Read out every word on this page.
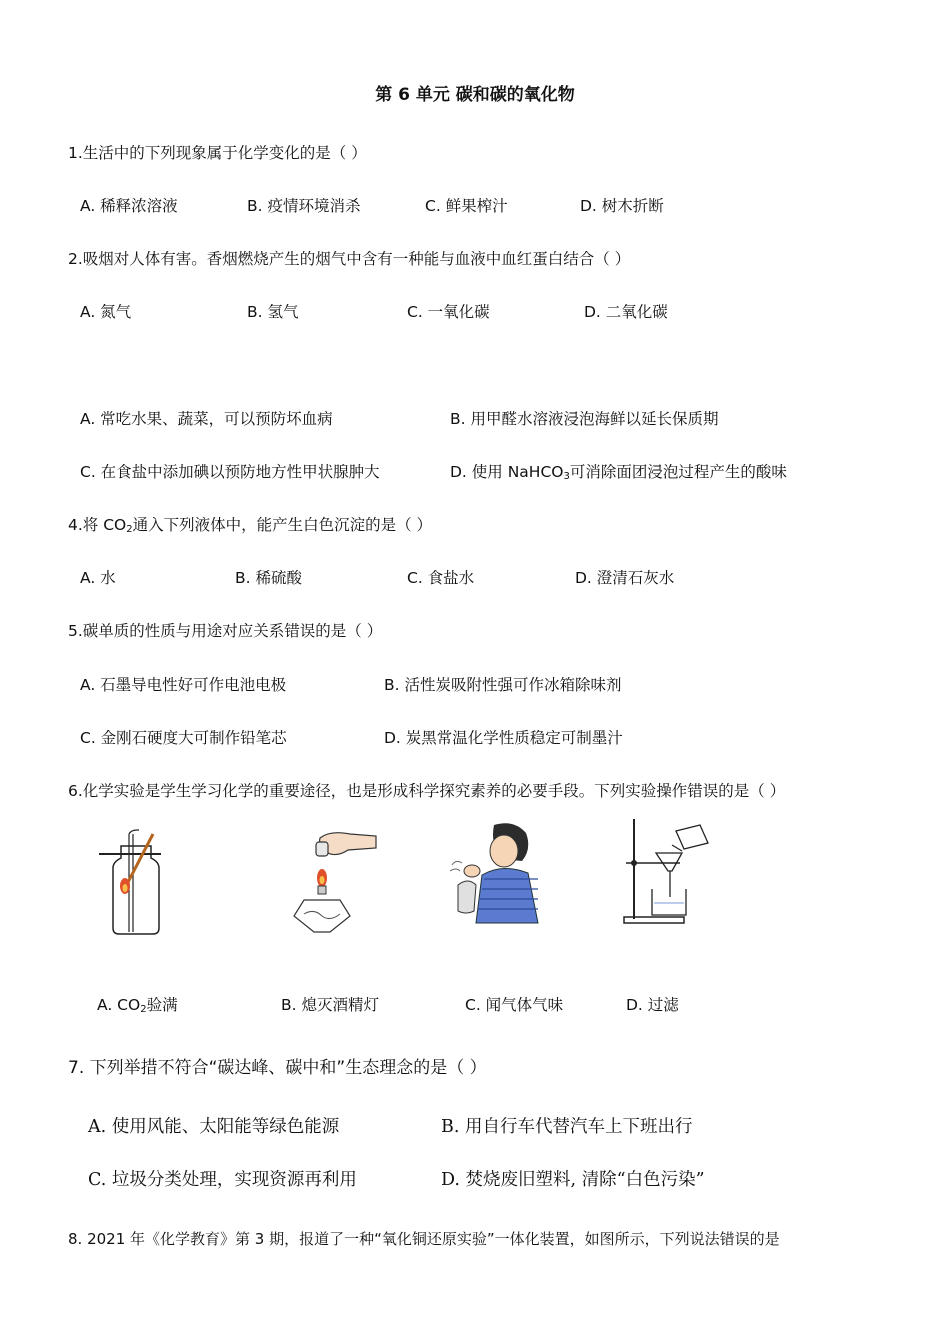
第 6 单元 碳和碳的氧化物
1.生活中的下列现象属于化学变化的是（ ）
A. 稀释浓溶液	B. 疫情环境消杀	C. 鲜果榨汁	D. 树木折断
2.吸烟对人体有害。香烟燃烧产生的烟气中含有一种能与血液中血红蛋白结合（ ）
A. 氮气	B. 氢气	C. 一氧化碳	D. 二氧化碳
A. 常吃水果、蔬菜，可以预防坏血病	B. 用甲醛水溶液浸泡海鲜以延长保质期
C. 在食盐中添加碘以预防地方性甲状腺肿大	D. 使用 NaHCO$_3$可消除面团浸泡过程产生的酸味
4.将 $CO_2$通入下列液体中，能产生白色沉淀的是（ ）
A. 水	B. 稀硫酸	C. 食盐水	D. 澄清石灰水
5.碳单质的性质与用途对应关系错误的是（ ）
A. 石墨导电性好可作电池电极	B. 活性炭吸附性强可作冰箱除味剂
C. 金刚石硬度大可制作铅笔芯	D. 炭黑常温化学性质稳定可制墨汁
6.化学实验是学生学习化学的重要途径，也是形成科学探究素养的必要手段。下列实验操作错误的是（ ）
A. $CO_2$验满	B. 熄灭酒精灯	C. 闻气体气味	D. 过滤
7. 下列举措不符合“碳达峰、碳中和”生态理念的是（ ）
A. 使用风能、太阳能等绿色能源	B. 用自行车代替汽车上下班出行
C. 垃圾分类处理，实现资源再利用	D. 焚烧废旧塑料, 清除“白色污染”
8. 2021 年《化学教育》第 3 期，报道了一种“氧化铜还原实验”一体化装置，如图所示，下列说法错误的是
